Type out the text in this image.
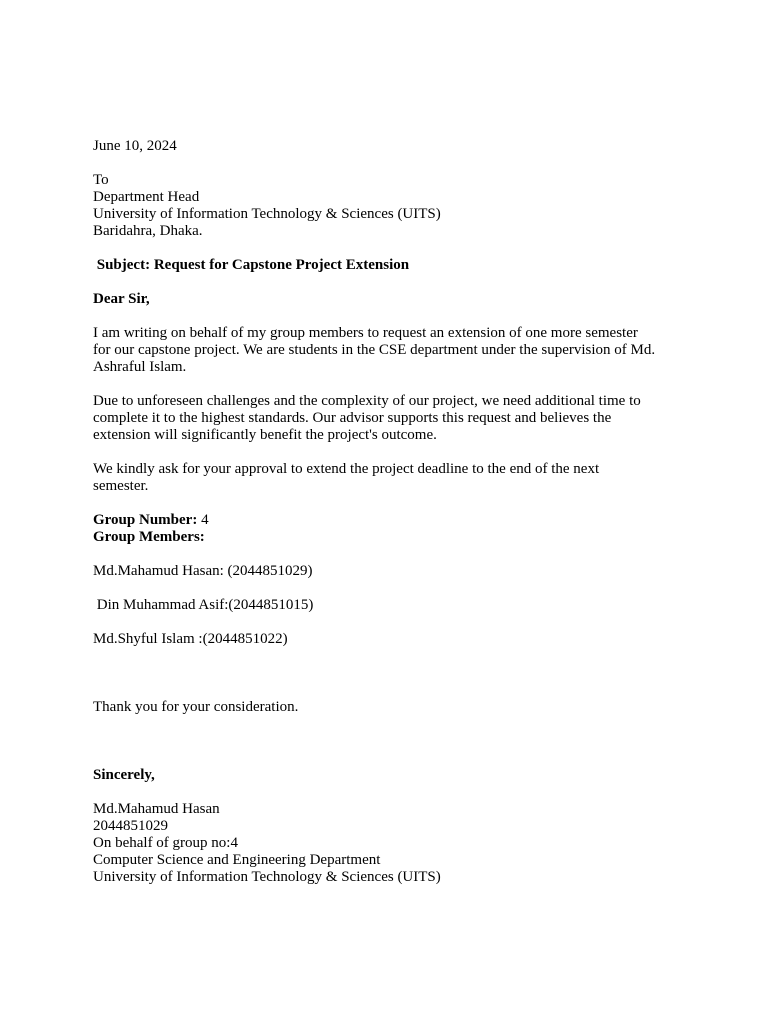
June 10, 2024
To
Department Head
University of Information Technology & Sciences (UITS)
Baridahra, Dhaka.
Subject: Request for Capstone Project Extension
Dear Sir,
I am writing on behalf of my group members to request an extension of one more semester
for our capstone project. We are students in the CSE department under the supervision of Md.
Ashraful Islam.
Due to unforeseen challenges and the complexity of our project, we need additional time to
complete it to the highest standards. Our advisor supports this request and believes the
extension will significantly benefit the project's outcome.
We kindly ask for your approval to extend the project deadline to the end of the next
semester.
Group Number: 4
Group Members:
Md.Mahamud Hasan: (2044851029)
Din Muhammad Asif:(2044851015)
Md.Shyful Islam :(2044851022)
Thank you for your consideration.
Sincerely,
Md.Mahamud Hasan
2044851029
On behalf of group no:4
Computer Science and Engineering Department
University of Information Technology & Sciences (UITS)
